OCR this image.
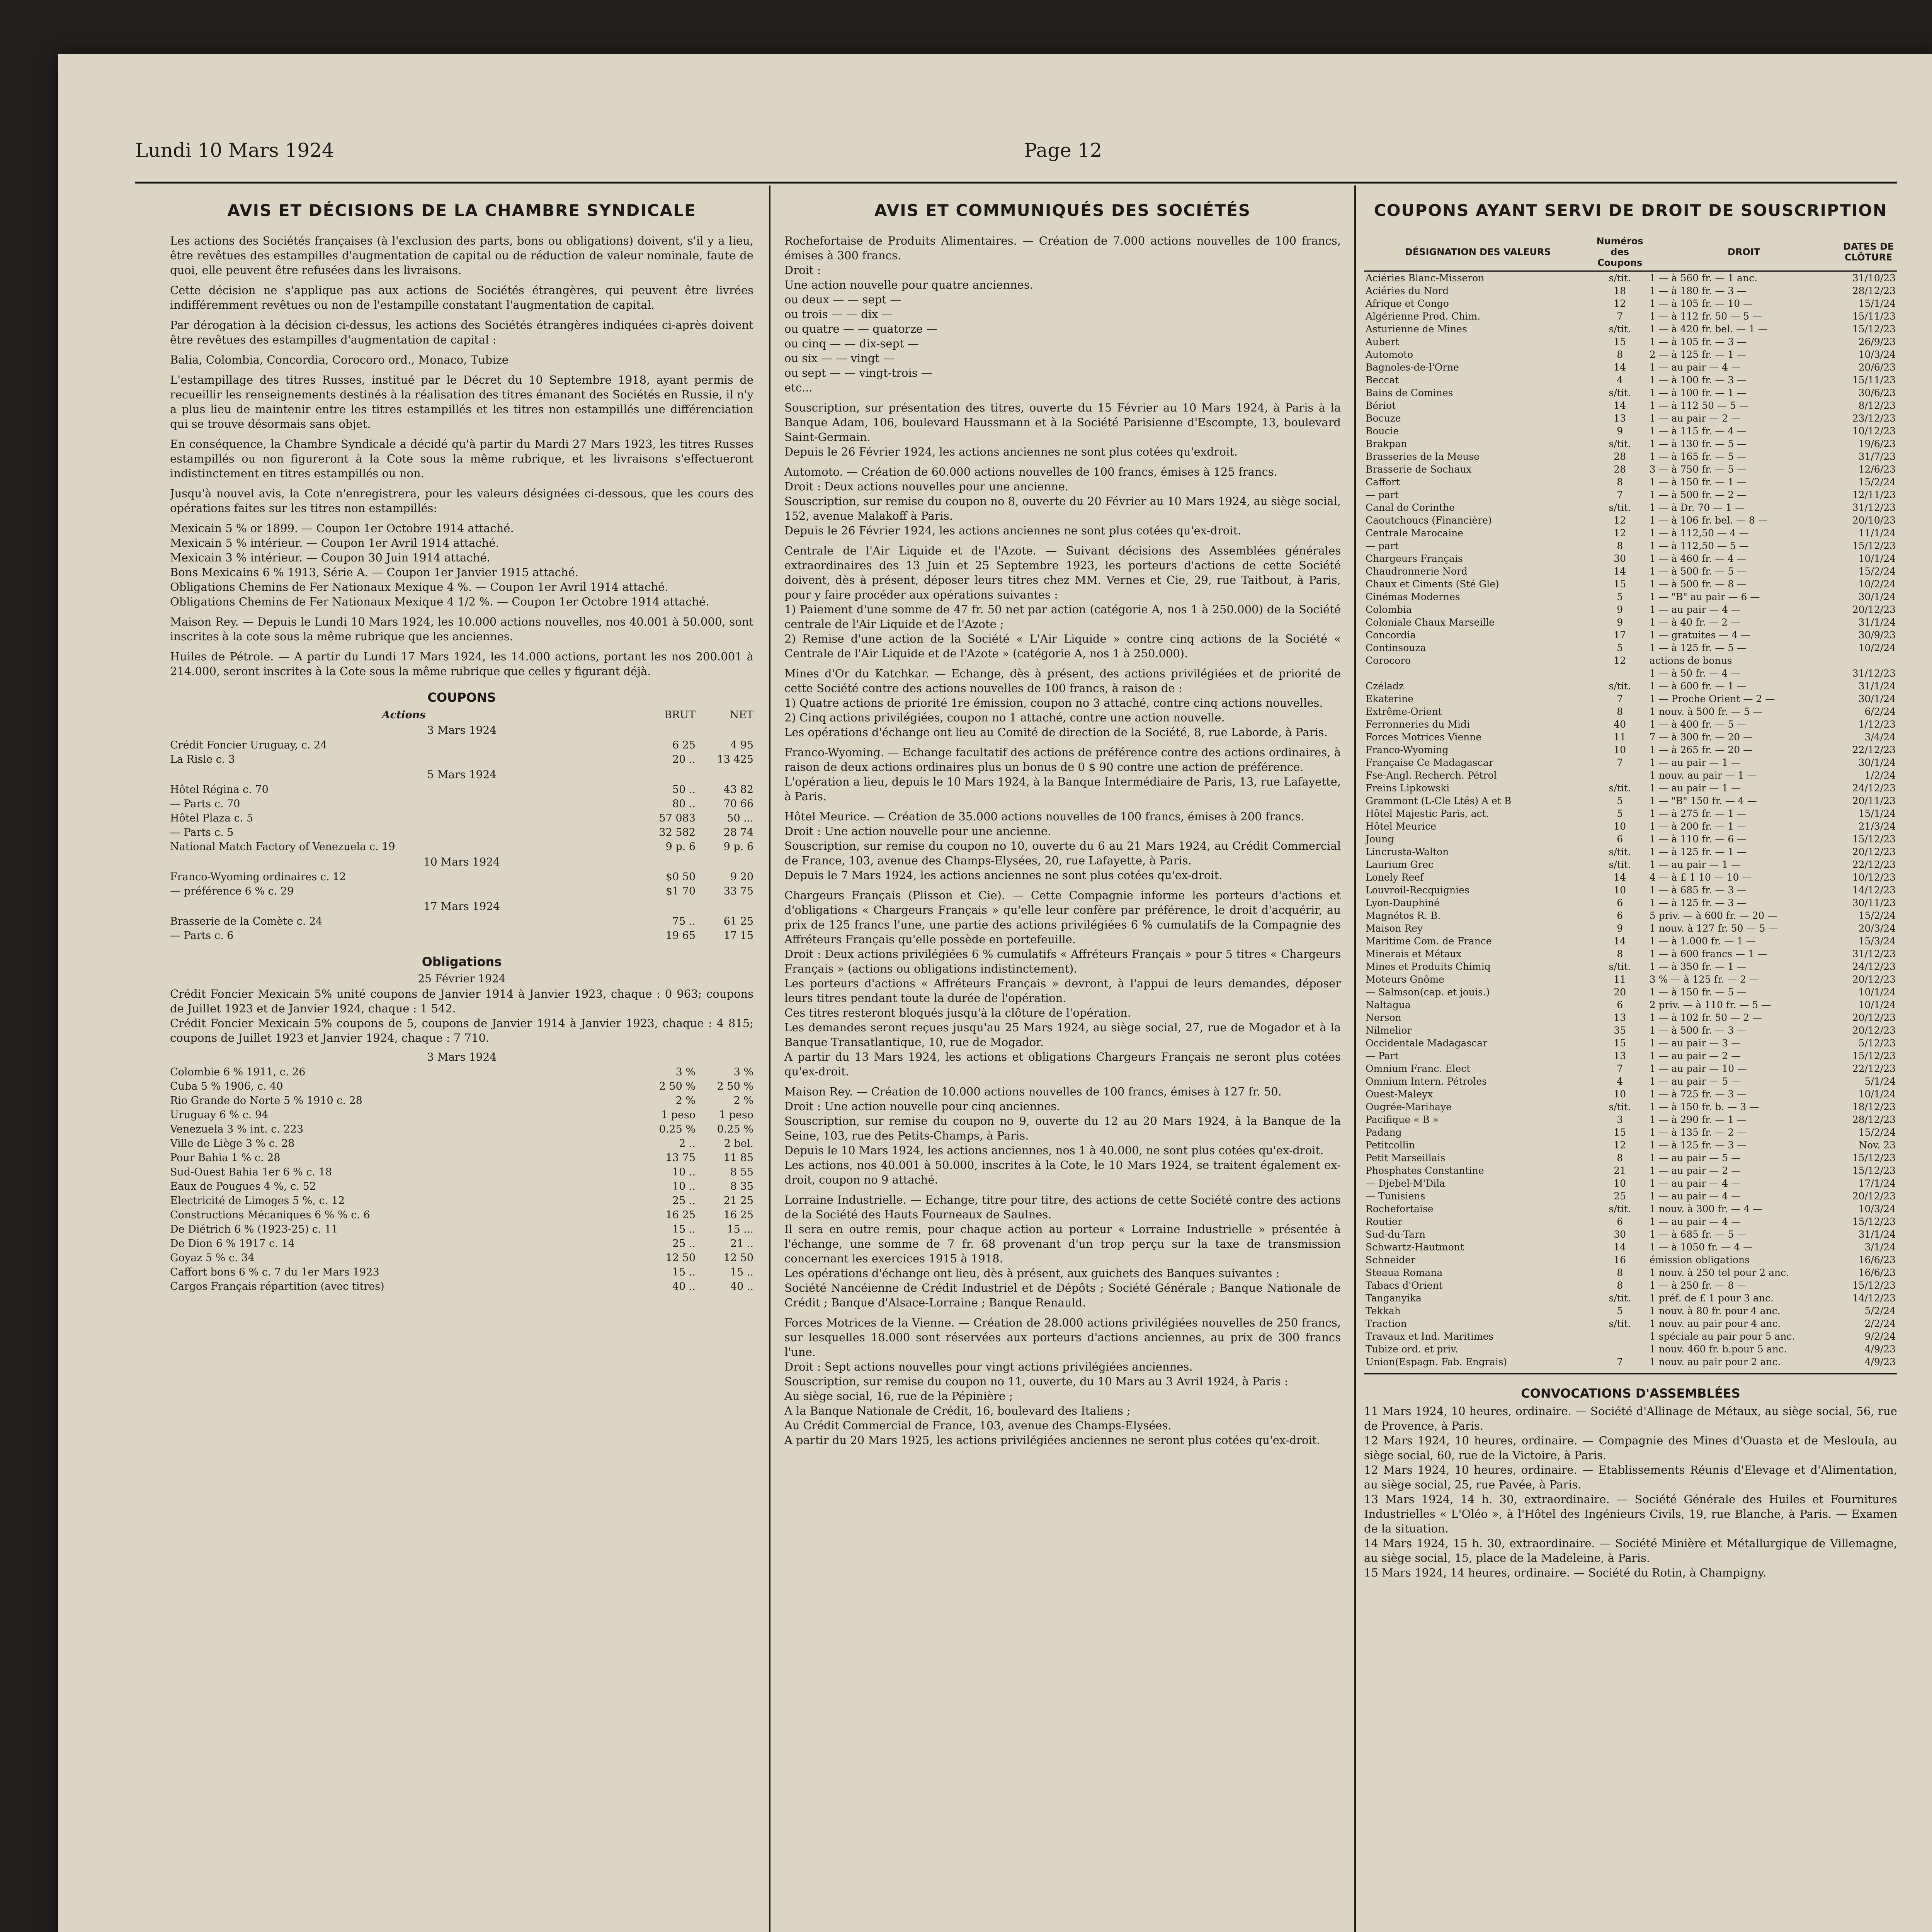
Lundi 10 Mars 1924	Page 12
AVIS ET DÉCISIONS DE LA CHAMBRE SYNDICALE
Les actions des Sociétés françaises (à l'exclusion des parts, bons ou obligations) doivent, s'il y a lieu, être revêtues des estampilles d'augmentation de capital ou de réduction de valeur nominale, faute de quoi, elle peuvent être refusées dans les livraisons.
Cette décision ne s'applique pas aux actions de Sociétés étrangères, qui peuvent être livrées indifféremment revêtues ou non de l'estampille constatant l'augmentation de capital.
Par dérogation à la décision ci-dessus, les actions des Sociétés étrangères indiquées ci-après doivent être revêtues des estampilles d'augmentation de capital :
Balia, Colombia, Concordia, Corocoro ord., Monaco, Tubize
L'estampillage des titres Russes, institué par le Décret du 10 Septembre 1918, ayant permis de recueillir les renseignements destinés à la réalisation des titres émanant des Sociétés en Russie, il n'y a plus lieu de maintenir entre les titres estampillés et les titres non estampillés une différenciation qui se trouve désormais sans objet.
En conséquence, la Chambre Syndicale a décidé qu'à partir du Mardi 27 Mars 1923, les titres Russes estampillés ou non figureront à la Cote sous la même rubrique, et les livraisons s'effectueront indistinctement en titres estampillés ou non.
Jusqu'à nouvel avis, la Cote n'enregistrera, pour les valeurs désignées ci-dessous, que les cours des opérations faites sur les titres non estampillés:
Mexicain 5 % or 1899. — Coupon 1er Octobre 1914 attaché.
Mexicain 5 % intérieur. — Coupon 1er Avril 1914 attaché.
Mexicain 3 % intérieur. — Coupon 30 Juin 1914 attaché.
Bons Mexicains 6 % 1913, Série A. — Coupon 1er Janvier 1915 attaché.
Obligations Chemins de Fer Nationaux Mexique 4 %. — Coupon 1er Avril 1914 attaché.
Obligations Chemins de Fer Nationaux Mexique 4 1/2 %. — Coupon 1er Octobre 1914 attaché.
Maison Rey. — Depuis le Lundi 10 Mars 1924, les 10.000 actions nouvelles, nos 40.001 à 50.000, sont inscrites à la cote sous la même rubrique que les anciennes.
Huiles de Pétrole. — A partir du Lundi 17 Mars 1924, les 14.000 actions, portant les nos 200.001 à 214.000, seront inscrites à la Cote sous la même rubrique que celles y figurant déjà.
COUPONS
Actions	BRUT	NET
3 Mars 1924
Crédit Foncier Uruguay, c. 24	6 25	4 95
La Risle c. 3	20 ..	13 425
5 Mars 1924
Hôtel Régina c. 70	50 ..	43 82
— Parts c. 70	80 ..	70 66
Hôtel Plaza c. 5	57 083	50 ...
— Parts c. 5	32 582	28 74
National Match Factory of Venezuela c. 19	9 p. 6	9 p. 6
10 Mars 1924
Franco-Wyoming ordinaires c. 12	$0 50	9 20
— préférence 6 % c. 29	$1 70	33 75
17 Mars 1924
Brasserie de la Comète c. 24	75 ..	61 25
— Parts c. 6	19 65	17 15
Obligations
25 Février 1924
Crédit Foncier Mexicain 5% unité coupons de Janvier 1914 à Janvier 1923, chaque : 0 963; coupons de Juillet 1923 et de Janvier 1924, chaque : 1 542.
Crédit Foncier Mexicain 5% coupons de 5, coupons de Janvier 1914 à Janvier 1923, chaque : 4 815; coupons de Juillet 1923 et Janvier 1924, chaque : 7 710.
3 Mars 1924
Colombie 6 % 1911, c. 26	3 %	3 %
Cuba 5 % 1906, c. 40	2 50 %	2 50 %
Rio Grande do Norte 5 % 1910 c. 28	2 %	2 %
Uruguay 6 % c. 94	1 peso	1 peso
Venezuela 3 % int. c. 223	0.25 %	0.25 %
Ville de Liège 3 % c. 28	2 ..	2 bel.
Pour Bahia 1 % c. 28	13 75	11 85
Sud-Ouest Bahia 1er 6 % c. 18	10 ..	8 55
Eaux de Pougues 4 %, c. 52	10 ..	8 35
Electricité de Limoges 5 %, c. 12	25 ..	21 25
Constructions Mécaniques 6 % % c. 6	16 25	16 25
De Diétrich 6 % (1923-25) c. 11	15 ..	15 ...
De Dion 6 % 1917 c. 14	25 ..	21 ..
Goyaz 5 % c. 34	12 50	12 50
Caffort bons 6 % c. 7 du 1er Mars 1923	15 ..	15 ..
Cargos Français répartition (avec titres)	40 ..	40 ..
AVIS ET COMMUNIQUÉS DES SOCIÉTÉS
Rochefortaise de Produits Alimentaires. — Création de 7.000 actions nouvelles de 100 francs, émises à 300 francs.
Droit :
Une action nouvelle pour quatre anciennes.
ou deux — — sept —
ou trois — — dix —
ou quatre — — quatorze —
ou cinq — — dix-sept —
ou six — — vingt —
ou sept — — vingt-trois —
etc...
Souscription, sur présentation des titres, ouverte du 15 Février au 10 Mars 1924, à Paris à la Banque Adam, 106, boulevard Haussmann et à la Société Parisienne d'Escompte, 13, boulevard Saint-Germain.
Depuis le 26 Février 1924, les actions anciennes ne sont plus cotées qu'exdroit.
Automoto. — Création de 60.000 actions nouvelles de 100 francs, émises à 125 francs.
Droit : Deux actions nouvelles pour une ancienne.
Souscription, sur remise du coupon no 8, ouverte du 20 Février au 10 Mars 1924, au siège social, 152, avenue Malakoff à Paris.
Depuis le 26 Février 1924, les actions anciennes ne sont plus cotées qu'ex-droit.
Centrale de l'Air Liquide et de l'Azote. — Suivant décisions des Assemblées générales extraordinaires des 13 Juin et 25 Septembre 1923, les porteurs d'actions de cette Société doivent, dès à présent, déposer leurs titres chez MM. Vernes et Cie, 29, rue Taitbout, à Paris, pour y faire procéder aux opérations suivantes :
1) Paiement d'une somme de 47 fr. 50 net par action (catégorie A, nos 1 à 250.000) de la Société centrale de l'Air Liquide et de l'Azote ;
2) Remise d'une action de la Société « L'Air Liquide » contre cinq actions de la Société « Centrale de l'Air Liquide et de l'Azote » (catégorie A, nos 1 à 250.000).
Mines d'Or du Katchkar. — Echange, dès à présent, des actions privilégiées et de priorité de cette Société contre des actions nouvelles de 100 francs, à raison de :
1) Quatre actions de priorité 1re émission, coupon no 3 attaché, contre cinq actions nouvelles.
2) Cinq actions privilégiées, coupon no 1 attaché, contre une action nouvelle.
Les opérations d'échange ont lieu au Comité de direction de la Société, 8, rue Laborde, à Paris.
Franco-Wyoming. — Echange facultatif des actions de préférence contre des actions ordinaires, à raison de deux actions ordinaires plus un bonus de 0 $ 90 contre une action de préférence.
L'opération a lieu, depuis le 10 Mars 1924, à la Banque Intermédiaire de Paris, 13, rue Lafayette, à Paris.
Hôtel Meurice. — Création de 35.000 actions nouvelles de 100 francs, émises à 200 francs.
Droit : Une action nouvelle pour une ancienne.
Souscription, sur remise du coupon no 10, ouverte du 6 au 21 Mars 1924, au Crédit Commercial de France, 103, avenue des Champs-Elysées, 20, rue Lafayette, à Paris.
Depuis le 7 Mars 1924, les actions anciennes ne sont plus cotées qu'ex-droit.
Chargeurs Français (Plisson et Cie). — Cette Compagnie informe les porteurs d'actions et d'obligations « Chargeurs Français » qu'elle leur confère par préférence, le droit d'acquérir, au prix de 125 francs l'une, une partie des actions privilégiées 6 % cumulatifs de la Compagnie des Affréteurs Français qu'elle possède en portefeuille.
Droit : Deux actions privilégiées 6 % cumulatifs « Affréteurs Français » pour 5 titres « Chargeurs Français » (actions ou obligations indistinctement).
Les porteurs d'actions « Affréteurs Français » devront, à l'appui de leurs demandes, déposer leurs titres pendant toute la durée de l'opération.
Ces titres resteront bloqués jusqu'à la clôture de l'opération.
Les demandes seront reçues jusqu'au 25 Mars 1924, au siège social, 27, rue de Mogador et à la Banque Transatlantique, 10, rue de Mogador.
A partir du 13 Mars 1924, les actions et obligations Chargeurs Français ne seront plus cotées qu'ex-droit.
Maison Rey. — Création de 10.000 actions nouvelles de 100 francs, émises à 127 fr. 50.
Droit : Une action nouvelle pour cinq anciennes.
Souscription, sur remise du coupon no 9, ouverte du 12 au 20 Mars 1924, à la Banque de la Seine, 103, rue des Petits-Champs, à Paris.
Depuis le 10 Mars 1924, les actions anciennes, nos 1 à 40.000, ne sont plus cotées qu'ex-droit.
Les actions, nos 40.001 à 50.000, inscrites à la Cote, le 10 Mars 1924, se traitent également ex-droit, coupon no 9 attaché.
Lorraine Industrielle. — Echange, titre pour titre, des actions de cette Société contre des actions de la Société des Hauts Fourneaux de Saulnes.
Il sera en outre remis, pour chaque action au porteur « Lorraine Industrielle » présentée à l'échange, une somme de 7 fr. 68 provenant d'un trop perçu sur la taxe de transmission concernant les exercices 1915 à 1918.
Les opérations d'échange ont lieu, dès à présent, aux guichets des Banques suivantes :
Société Nancéienne de Crédit Industriel et de Dépôts ; Société Générale ; Banque Nationale de Crédit ; Banque d'Alsace-Lorraine ; Banque Renauld.
Forces Motrices de la Vienne. — Création de 28.000 actions privilégiées nouvelles de 250 francs, sur lesquelles 18.000 sont réservées aux porteurs d'actions anciennes, au prix de 300 francs l'une.
Droit : Sept actions nouvelles pour vingt actions privilégiées anciennes.
Souscription, sur remise du coupon no 11, ouverte, du 10 Mars au 3 Avril 1924, à Paris :
Au siège social, 16, rue de la Pépinière ;
A la Banque Nationale de Crédit, 16, boulevard des Italiens ;
Au Crédit Commercial de France, 103, avenue des Champs-Elysées.
A partir du 20 Mars 1925, les actions privilégiées anciennes ne seront plus cotées qu'ex-droit.
COUPONS AYANT SERVI DE DROIT DE SOUSCRIPTION
DÉSIGNATION DES VALEURS	Numéros des Coupons	DROIT	DATES DE CLÔTURE
Aciéries Blanc-Misseron	s/tit.	1 — à 560 fr. — 1 anc.	31/10/23
Aciéries du Nord	18	1 — à 180 fr. — 3 —	28/12/23
Afrique et Congo	12	1 — à 105 fr. — 10 —	15/1/24
Algérienne Prod. Chim.	7	1 — à 112 fr. 50 — 5 —	15/11/23
Asturienne de Mines	s/tit.	1 — à 420 fr. bel. — 1 —	15/12/23
Aubert	15	1 — à 105 fr. — 3 —	26/9/23
Automoto	8	2 — à 125 fr. — 1 —	10/3/24
Bagnoles-de-l'Orne	14	1 — au pair — 4 —	20/6/23
Beccat	4	1 — à 100 fr. — 3 —	15/11/23
Bains de Comines	s/tit.	1 — à 100 fr. — 1 —	30/6/23
Bériot	14	1 — à 112 50 — 5 —	8/12/23
Bocuze	13	1 — au pair — 2 —	23/12/23
Boucie	9	1 — à 115 fr. — 4 —	10/12/23
Brakpan	s/tit.	1 — à 130 fr. — 5 —	19/6/23
Brasseries de la Meuse	28	1 — à 165 fr. — 5 —	31/7/23
Brasserie de Sochaux	28	3 — à 750 fr. — 5 —	12/6/23
Caffort	8	1 — à 150 fr. — 1 —	15/2/24
— part	7	1 — à 500 fr. — 2 —	12/11/23
Canal de Corinthe	s/tit.	1 — à Dr. 70 — 1 —	31/12/23
Caoutchoucs (Financière)	12	1 — à 106 fr. bel. — 8 —	20/10/23
Centrale Marocaine	12	1 — à 112,50 — 4 —	11/1/24
— part	8	1 — à 112,50 — 5 —	15/12/23
Chargeurs Français	30	1 — à 460 fr. — 4 —	10/1/24
Chaudronnerie Nord	14	1 — à 500 fr. — 5 —	15/2/24
Chaux et Ciments (Sté Gle)	15	1 — à 500 fr. — 8 —	10/2/24
Cinémas Modernes	5	1 — "B" au pair — 6 —	30/1/24
Colombia	9	1 — au pair — 4 —	20/12/23
Coloniale Chaux Marseille	9	1 — à 40 fr. — 2 —	31/1/24
Concordia	17	1 — gratuites — 4 —	30/9/23
Continsouza	5	1 — à 125 fr. — 5 —	10/2/24
Corocoro	12	actions de bonus	
		1 — à 50 fr. — 4 —	31/12/23
Czéladz	s/tit.	1 — à 600 fr. — 1 —	31/1/24
Ekaterine	7	1 — Proche Orient — 2 —	30/1/24
Extrême-Orient	8	1 nouv. à 500 fr. — 5 —	6/2/24
Ferronneries du Midi	40	1 — à 400 fr. — 5 —	1/12/23
Forces Motrices Vienne	11	7 — à 300 fr. — 20 —	3/4/24
Franco-Wyoming	10	1 — à 265 fr. — 20 —	22/12/23
Française Ce Madagascar	7	1 — au pair — 1 —	30/1/24
Fse-Angl. Recherch. Pétrol		1 nouv. au pair — 1 —	1/2/24
Freins Lipkowski	s/tit.	1 — au pair — 1 —	24/12/23
Grammont (L-Cle Ltés) A et B	5	1 — "B" 150 fr. — 4 —	20/11/23
Hôtel Majestic Paris, act.	5	1 — à 275 fr. — 1 —	15/1/24
Hôtel Meurice	10	1 — à 200 fr. — 1 —	21/3/24
Joung	6	1 — à 110 fr. — 6 —	15/12/23
Lincrusta-Walton	s/tit.	1 — à 125 fr. — 1 —	20/12/23
Laurium Grec	s/tit.	1 — au pair — 1 —	22/12/23
Lonely Reef	14	4 — à £ 1 10 — 10 —	10/12/23
Louvroil-Recquignies	10	1 — à 685 fr. — 3 —	14/12/23
Lyon-Dauphiné	6	1 — à 125 fr. — 3 —	30/11/23
Magnétos R. B.	6	5 priv. — à 600 fr. — 20 —	15/2/24
Maison Rey	9	1 nouv. à 127 fr. 50 — 5 —	20/3/24
Maritime Com. de France	14	1 — à 1.000 fr. — 1 —	15/3/24
Minerais et Métaux	8	1 — à 600 francs — 1 —	31/12/23
Mines et Produits Chimiq	s/tit.	1 — à 350 fr. — 1 —	24/12/23
Moteurs Gnôme	11	3 % — à 125 fr. — 2 —	20/12/23
— Salmson(cap. et jouis.)	20	1 — à 150 fr. — 5 —	10/1/24
Naltagua	6	2 priv. — à 110 fr. — 5 —	10/1/24
Nerson	13	1 — à 102 fr. 50 — 2 —	20/12/23
Nilmelior	35	1 — à 500 fr. — 3 —	20/12/23
Occidentale Madagascar	15	1 — au pair — 3 —	5/12/23
— Part	13	1 — au pair — 2 —	15/12/23
Omnium Franc. Elect	7	1 — au pair — 10 —	22/12/23
Omnium Intern. Pétroles	4	1 — au pair — 5 —	5/1/24
Ouest-Maleyx	10	1 — à 725 fr. — 3 —	10/1/24
Ougrée-Marihaye	s/tit.	1 — à 150 fr. b. — 3 —	18/12/23
Pacifique « B »	3	1 — à 290 fr. — 1 —	28/12/23
Padang	15	1 — à 135 fr. — 2 —	15/2/24
Petitcollin	12	1 — à 125 fr. — 3 —	Nov. 23
Petit Marseillais	8	1 — au pair — 5 —	15/12/23
Phosphates Constantine	21	1 — au pair — 2 —	15/12/23
— Djebel-M'Dila	10	1 — au pair — 4 —	17/1/24
— Tunisiens	25	1 — au pair — 4 —	20/12/23
Rochefortaise	s/tit.	1 nouv. à 300 fr. — 4 —	10/3/24
Routier	6	1 — au pair — 4 —	15/12/23
Sud-du-Tarn	30	1 — à 685 fr. — 5 —	31/1/24
Schwartz-Hautmont	14	1 — à 1050 fr. — 4 —	3/1/24
Schneider	16	émission obligations	16/6/23
Steaua Romana	8	1 nouv. à 250 tel pour 2 anc.	16/6/23
Tabacs d'Orient	8	1 — à 250 fr. — 8 —	15/12/23
Tanganyika	s/tit.	1 préf. de £ 1 pour 3 anc.	14/12/23
Tekkah	5	1 nouv. à 80 fr. pour 4 anc.	5/2/24
Traction	s/tit.	1 nouv. au pair pour 4 anc.	2/2/24
Travaux et Ind. Maritimes		1 spéciale au pair pour 5 anc.	9/2/24
Tubize ord. et priv.		1 nouv. 460 fr. b.pour 5 anc.	4/9/23
Union(Espagn. Fab. Engrais)	7	1 nouv. au pair pour 2 anc.	4/9/23
CONVOCATIONS D'ASSEMBLÉES
11 Mars 1924, 10 heures, ordinaire. — Société d'Allinage de Métaux, au siège social, 56, rue de Provence, à Paris.
12 Mars 1924, 10 heures, ordinaire. — Compagnie des Mines d'Ouasta et de Mesloula, au siège social, 60, rue de la Victoire, à Paris.
12 Mars 1924, 10 heures, ordinaire. — Etablissements Réunis d'Elevage et d'Alimentation, au siège social, 25, rue Pavée, à Paris.
13 Mars 1924, 14 h. 30, extraordinaire. — Société Générale des Huiles et Fournitures Industrielles « L'Oléo », à l'Hôtel des Ingénieurs Civils, 19, rue Blanche, à Paris. — Examen de la situation.
14 Mars 1924, 15 h. 30, extraordinaire. — Société Minière et Métallurgique de Villemagne, au siège social, 15, place de la Madeleine, à Paris.
15 Mars 1924, 14 heures, ordinaire. — Société du Rotin, à Champigny.
